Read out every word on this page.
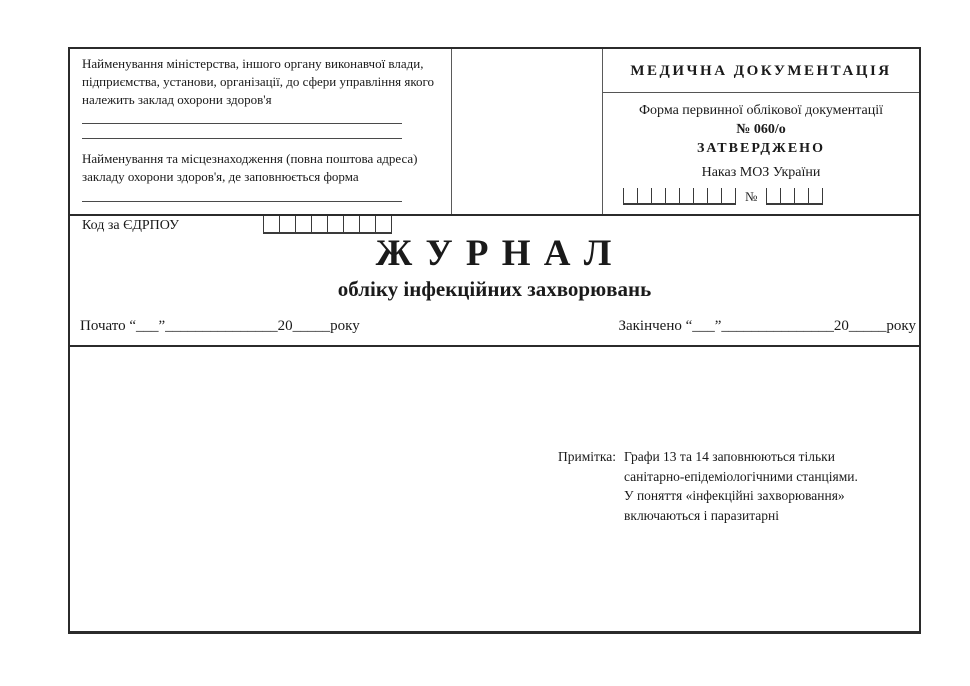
Найменування міністерства, іншого органу виконавчої влади, підприємства, установи, організації, до сфери управління якого належить заклад охорони здоров'я

Найменування та місцезнаходження (повна поштова адреса) закладу охорони здоров'я, де заповнюється форма

Код за ЄДРПОУ
МЕДИЧНА ДОКУМЕНТАЦІЯ
Форма первинної облікової документації
№ 060/о
ЗАТВЕРДЖЕНО
Наказ МОЗ України
№
Ж У Р Н А Л
обліку інфекційних захворювань
Почато “___”_______________20_____року	Закінчено “___”_______________20_____року
Примітка: Графи 13 та 14 заповнюються тільки
санітарно-епідеміологічними станціями.
У поняття «інфекційні захворювання»
включаються і паразитарні
